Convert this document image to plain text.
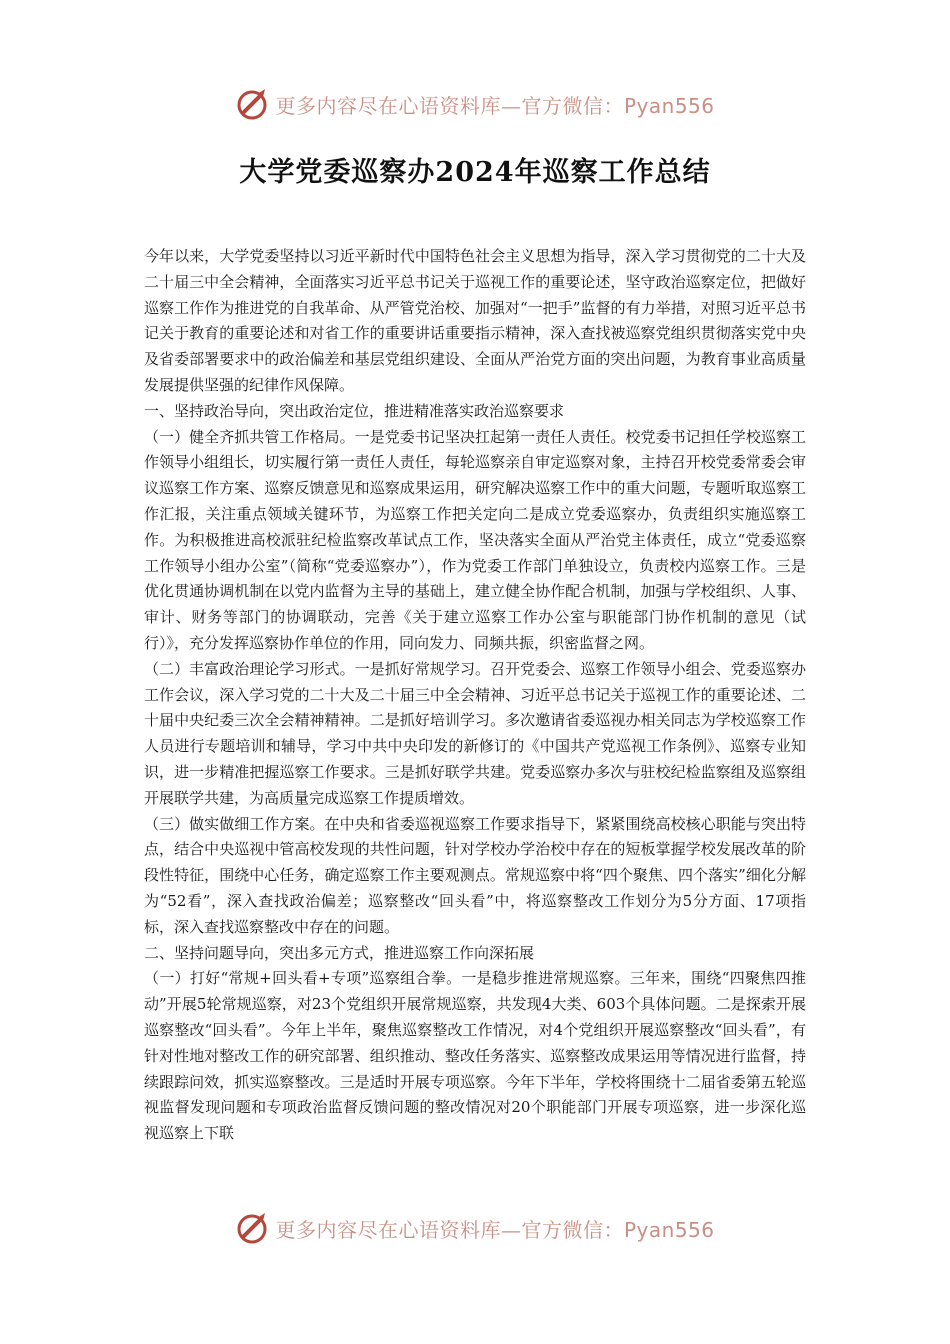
更多内容尽在心语资料库—官方微信：Pyan556
大学党委巡察办2024年巡察工作总结

今年以来，大学党委坚持以习近平新时代中国特色社会主义思想为指导，深入学习贯彻党的二十大及二十届三中全会精神，全面落实习近平总书记关于巡视工作的重要论述，坚守政治巡察定位，把做好巡察工作作为推进党的自我革命、从严管党治校、加强对“一把手”监督的有力举措，对照习近平总书记关于教育的重要论述和对省工作的重要讲话重要指示精神，深入查找被巡察党组织贯彻落实党中央及省委部署要求中的政治偏差和基层党组织建设、全面从严治党方面的突出问题，为教育事业高质量发展提供坚强的纪律作风保障。

一、坚持政治导向，突出政治定位，推进精准落实政治巡察要求

（一）健全齐抓共管工作格局。一是党委书记坚决扛起第一责任人责任。校党委书记担任学校巡察工作领导小组组长，切实履行第一责任人责任，每轮巡察亲自审定巡察对象，主持召开校党委常委会审议巡察工作方案、巡察反馈意见和巡察成果运用，研究解决巡察工作中的重大问题，专题听取巡察工作汇报，关注重点领域关键环节，为巡察工作把关定向二是成立党委巡察办，负责组织实施巡察工作。为积极推进高校派驻纪检监察改革试点工作，坚决落实全面从严治党主体责任，成立“党委巡察工作领导小组办公室”（简称“党委巡察办”），作为党委工作部门单独设立，负责校内巡察工作。三是优化贯通协调机制在以党内监督为主导的基础上，建立健全协作配合机制，加强与学校组织、人事、审计、财务等部门的协调联动，完善《关于建立巡察工作办公室与职能部门协作机制的意见（试行）》，充分发挥巡察协作单位的作用，同向发力、同频共振，织密监督之网。

（二）丰富政治理论学习形式。一是抓好常规学习。召开党委会、巡察工作领导小组会、党委巡察办工作会议，深入学习党的二十大及二十届三中全会精神、习近平总书记关于巡视工作的重要论述、二十届中央纪委三次全会精神精神。二是抓好培训学习。多次邀请省委巡视办相关同志为学校巡察工作人员进行专题培训和辅导，学习中共中央印发的新修订的《中国共产党巡视工作条例》、巡察专业知识，进一步精准把握巡察工作要求。三是抓好联学共建。党委巡察办多次与驻校纪检监察组及巡察组开展联学共建，为高质量完成巡察工作提质增效。

（三）做实做细工作方案。在中央和省委巡视巡察工作要求指导下，紧紧围绕高校核心职能与突出特点，结合中央巡视中管高校发现的共性问题，针对学校办学治校中存在的短板掌握学校发展改革的阶段性特征，围绕中心任务，确定巡察工作主要观测点。常规巡察中将“四个聚焦、四个落实”细化分解为“52看”，深入查找政治偏差；巡察整改“回头看”中，将巡察整改工作划分为5分方面、17项指标，深入查找巡察整改中存在的问题。

二、坚持问题导向，突出多元方式，推进巡察工作向深拓展

（一）打好“常规+回头看+专项”巡察组合拳。一是稳步推进常规巡察。三年来，围绕“四聚焦四推动”开展5轮常规巡察，对23个党组织开展常规巡察，共发现4大类、603个具体问题。二是探索开展巡察整改“回头看”。今年上半年，聚焦巡察整改工作情况，对4个党组织开展巡察整改“回头看”，有针对性地对整改工作的研究部署、组织推动、整改任务落实、巡察整改成果运用等情况进行监督，持续跟踪问效，抓实巡察整改。三是适时开展专项巡察。今年下半年，学校将围绕十二届省委第五轮巡视监督发现问题和专项政治监督反馈问题的整改情况对20个职能部门开展专项巡察，进一步深化巡视巡察上下联

更多内容尽在心语资料库—官方微信：Pyan556
